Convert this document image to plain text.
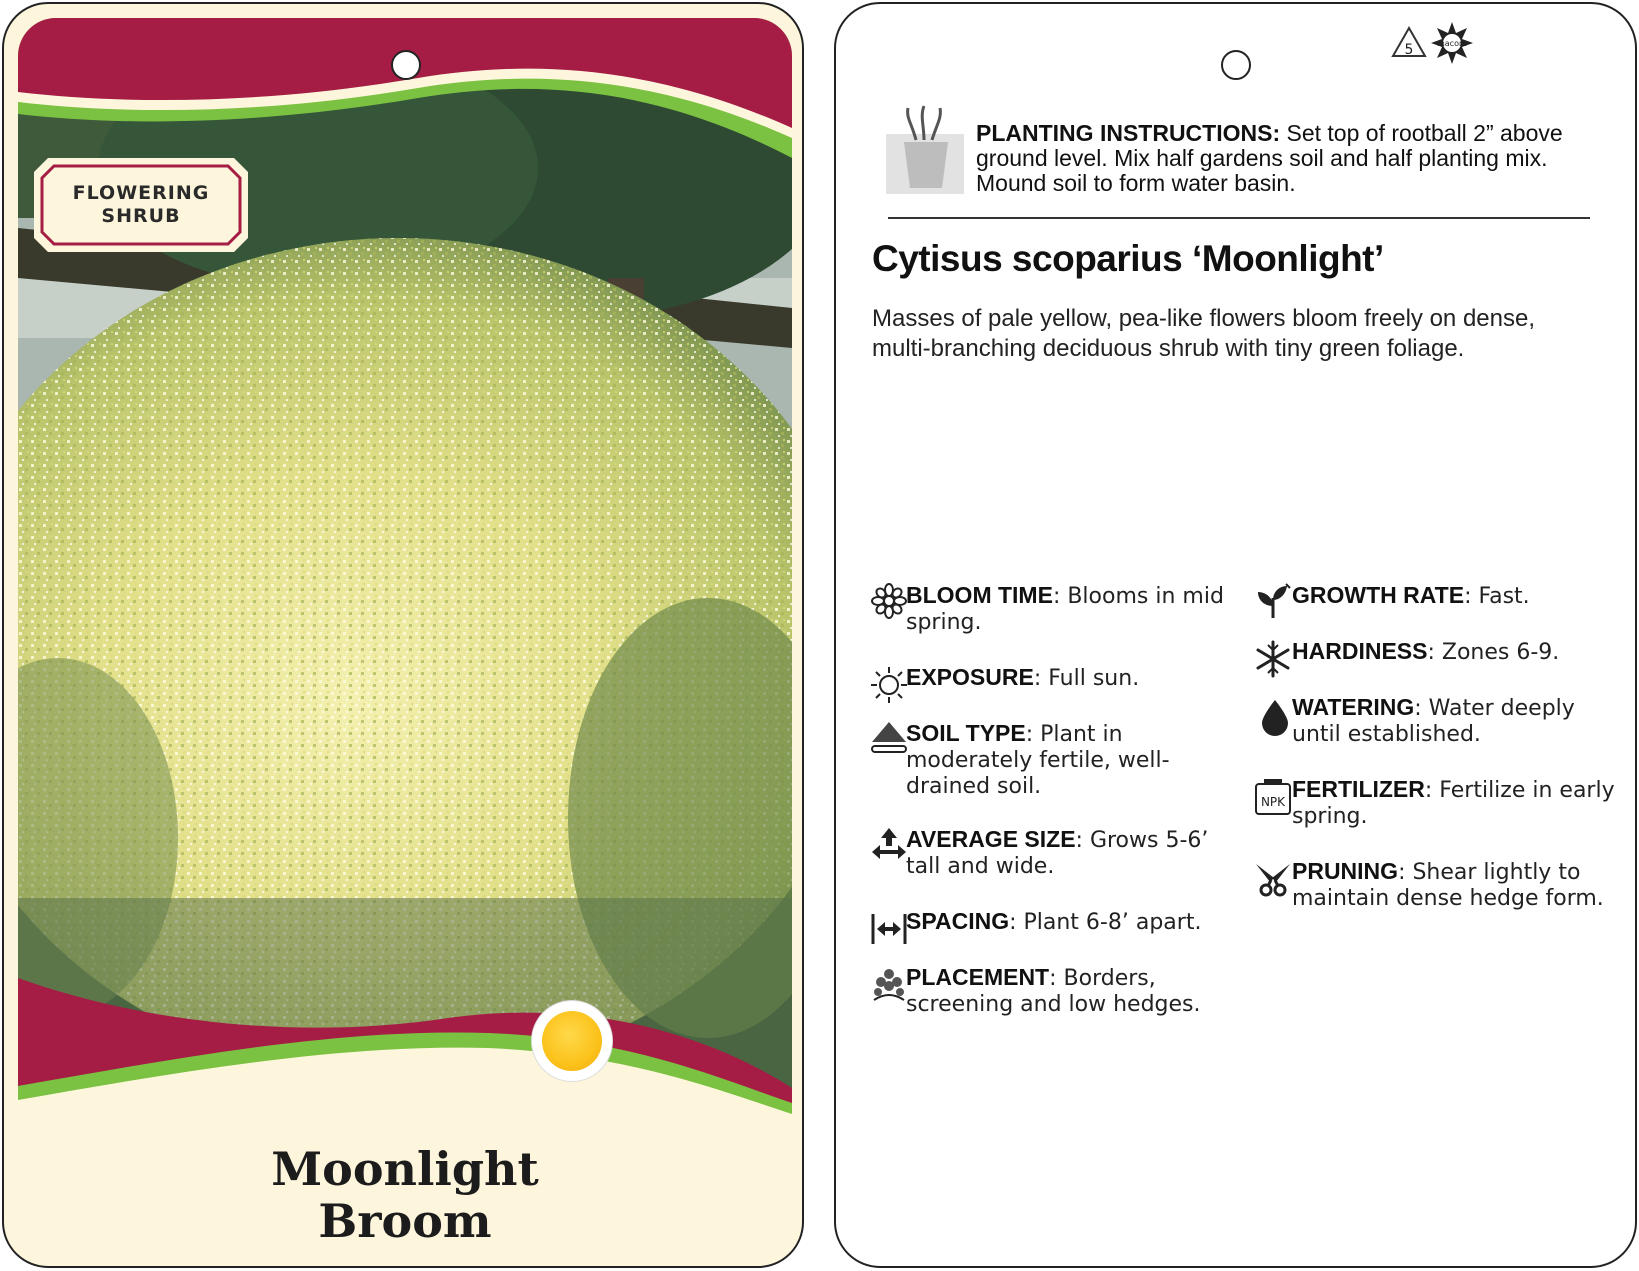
FLOWERING
SHRUB
Moonlight
Broom
5	macore
PLANTING INSTRUCTIONS: Set top of rootball 2” above ground level. Mix half gardens soil and half planting mix. Mound soil to form water basin.
Cytisus scoparius ‘Moonlight’
Masses of pale yellow, pea-like flowers bloom freely on dense, multi-branching deciduous shrub with tiny green foliage.
BLOOM TIME: Blooms in mid spring.
EXPOSURE: Full sun.
SOIL TYPE: Plant in moderately fertile, well-drained soil.
AVERAGE SIZE: Grows 5-6’ tall and wide.
SPACING: Plant 6-8’ apart.
PLACEMENT: Borders, screening and low hedges.
GROWTH RATE: Fast.
HARDINESS: Zones 6-9.
WATERING: Water deeply until established.
NPK FERTILIZER: Fertilize in early spring.
PRUNING: Shear lightly to maintain dense hedge form.
